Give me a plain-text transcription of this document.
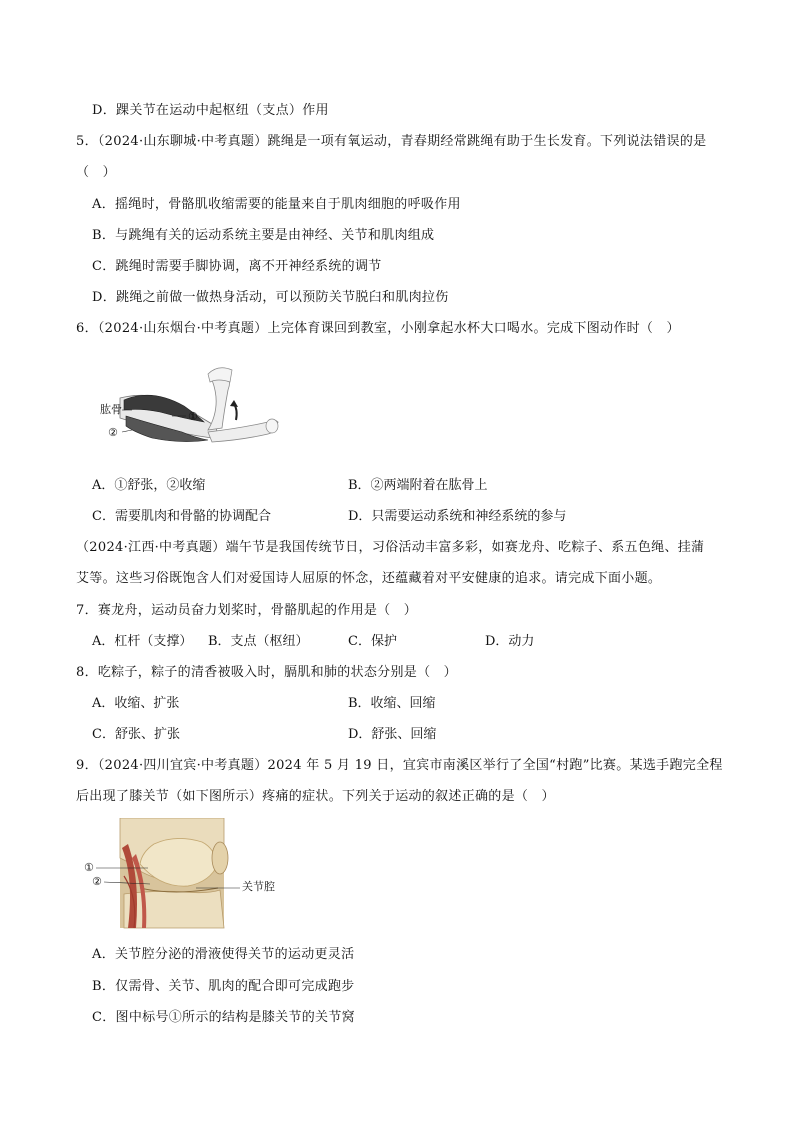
D．踝关节在运动中起枢纽（支点）作用
5．（2024·山东聊城·中考真题）跳绳是一项有氧运动，青春期经常跳绳有助于生长发育。下列说法错误的是
（　）
A．摇绳时，骨骼肌收缩需要的能量来自于肌肉细胞的呼吸作用
B．与跳绳有关的运动系统主要是由神经、关节和肌肉组成
C．跳绳时需要手脚协调，离不开神经系统的调节
D．跳绳之前做一做热身活动，可以预防关节脱臼和肌肉拉伤
6．（2024·山东烟台·中考真题）上完体育课回到教室，小刚拿起水杯大口喝水。完成下图动作时（　）
肱骨
①
②
A．①舒张，②收缩	B．②两端附着在肱骨上
C．需要肌肉和骨骼的协调配合	D．只需要运动系统和神经系统的参与
（2024·江西·中考真题）端午节是我国传统节日，习俗活动丰富多彩，如赛龙舟、吃粽子、系五色绳、挂蒲
艾等。这些习俗既饱含人们对爱国诗人屈原的怀念，还蕴藏着对平安健康的追求。请完成下面小题。
7．赛龙舟，运动员奋力划桨时，骨骼肌起的作用是（　）
A．杠杆（支撑） B．支点（枢纽）	C．保护	D．动力
8．吃粽子，粽子的清香被吸入时，膈肌和肺的状态分别是（　）
A．收缩、扩张	B．收缩、回缩
C．舒张、扩张	D．舒张、回缩
9．（2024·四川宜宾·中考真题）2024 年 5 月 19 日，宜宾市南溪区举行了全国“村跑”比赛。某选手跑完全程
后出现了膝关节（如下图所示）疼痛的症状。下列关于运动的叙述正确的是（　）
①
②	关节腔
A．关节腔分泌的滑液使得关节的运动更灵活
B．仅需骨、关节、肌肉的配合即可完成跑步
C．图中标号①所示的结构是膝关节的关节窝
